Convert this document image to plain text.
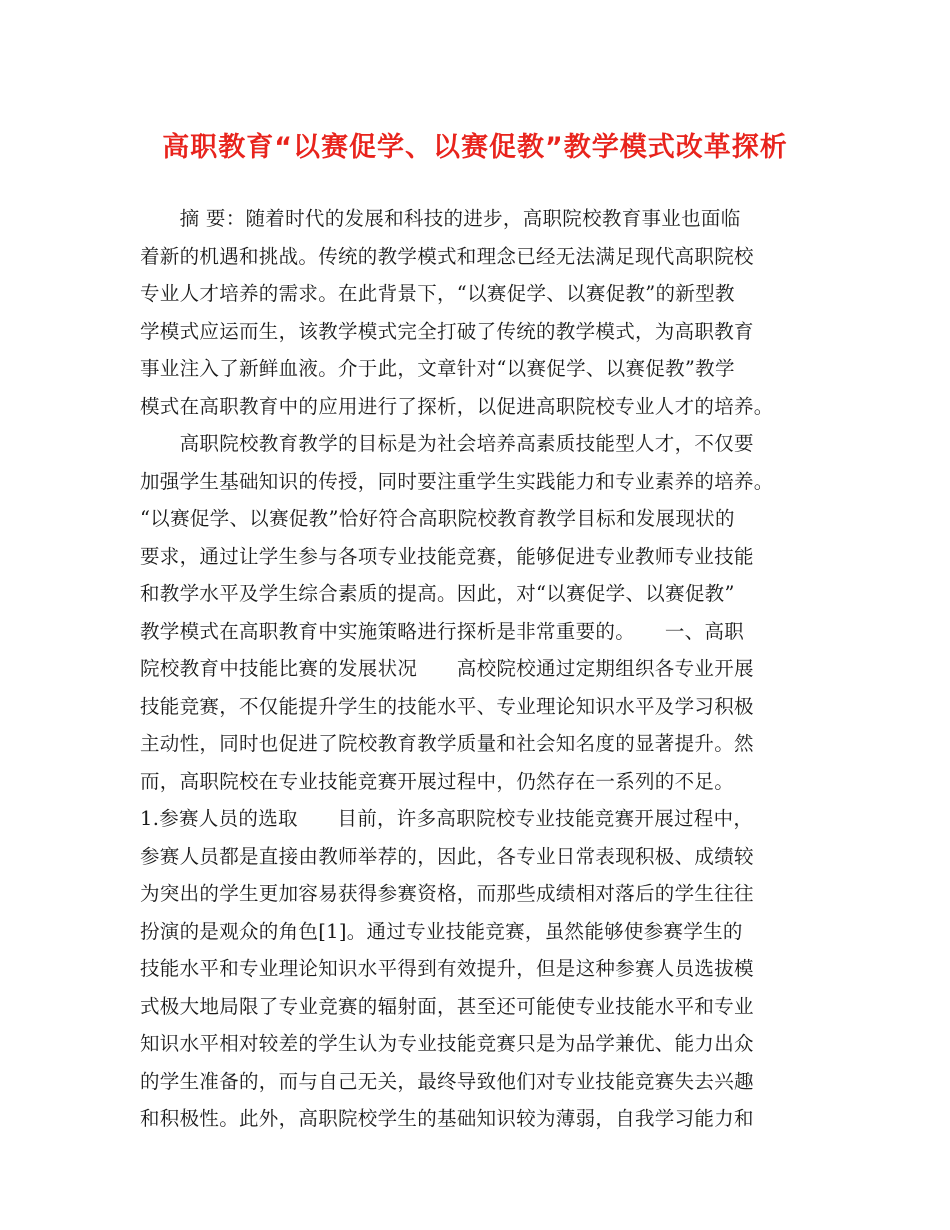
高职教育“以赛促学、以赛促教”教学模式改革探析
　　摘 要：随着时代的发展和科技的进步，高职院校教育事业也面临
着新的机遇和挑战。传统的教学模式和理念已经无法满足现代高职院校
专业人才培养的需求。在此背景下，“以赛促学、以赛促教”的新型教
学模式应运而生，该教学模式完全打破了传统的教学模式，为高职教育
事业注入了新鲜血液。介于此，文章针对“以赛促学、以赛促教”教学
模式在高职教育中的应用进行了探析，以促进高职院校专业人才的培养。
　　高职院校教育教学的目标是为社会培养高素质技能型人才，不仅要
加强学生基础知识的传授，同时要注重学生实践能力和专业素养的培养。
“以赛促学、以赛促教”恰好符合高职院校教育教学目标和发展现状的
要求，通过让学生参与各项专业技能竞赛，能够促进专业教师专业技能
和教学水平及学生综合素质的提高。因此，对“以赛促学、以赛促教”
教学模式在高职教育中实施策略进行探析是非常重要的。　　一、高职
院校教育中技能比赛的发展状况　　高校院校通过定期组织各专业开展
技能竞赛，不仅能提升学生的技能水平、专业理论知识水平及学习积极
主动性，同时也促进了院校教育教学质量和社会知名度的显著提升。然
而，高职院校在专业技能竞赛开展过程中，仍然存在一系列的不足。
1.参赛人员的选取　　目前，许多高职院校专业技能竞赛开展过程中，
参赛人员都是直接由教师举荐的，因此，各专业日常表现积极、成绩较
为突出的学生更加容易获得参赛资格，而那些成绩相对落后的学生往往
扮演的是观众的角色[1]。通过专业技能竞赛，虽然能够使参赛学生的
技能水平和专业理论知识水平得到有效提升，但是这种参赛人员选拔模
式极大地局限了专业竞赛的辐射面，甚至还可能使专业技能水平和专业
知识水平相对较差的学生认为专业技能竞赛只是为品学兼优、能力出众
的学生准备的，而与自己无关，最终导致他们对专业技能竞赛失去兴趣
和积极性。此外，高职院校学生的基础知识较为薄弱，自我学习能力和
